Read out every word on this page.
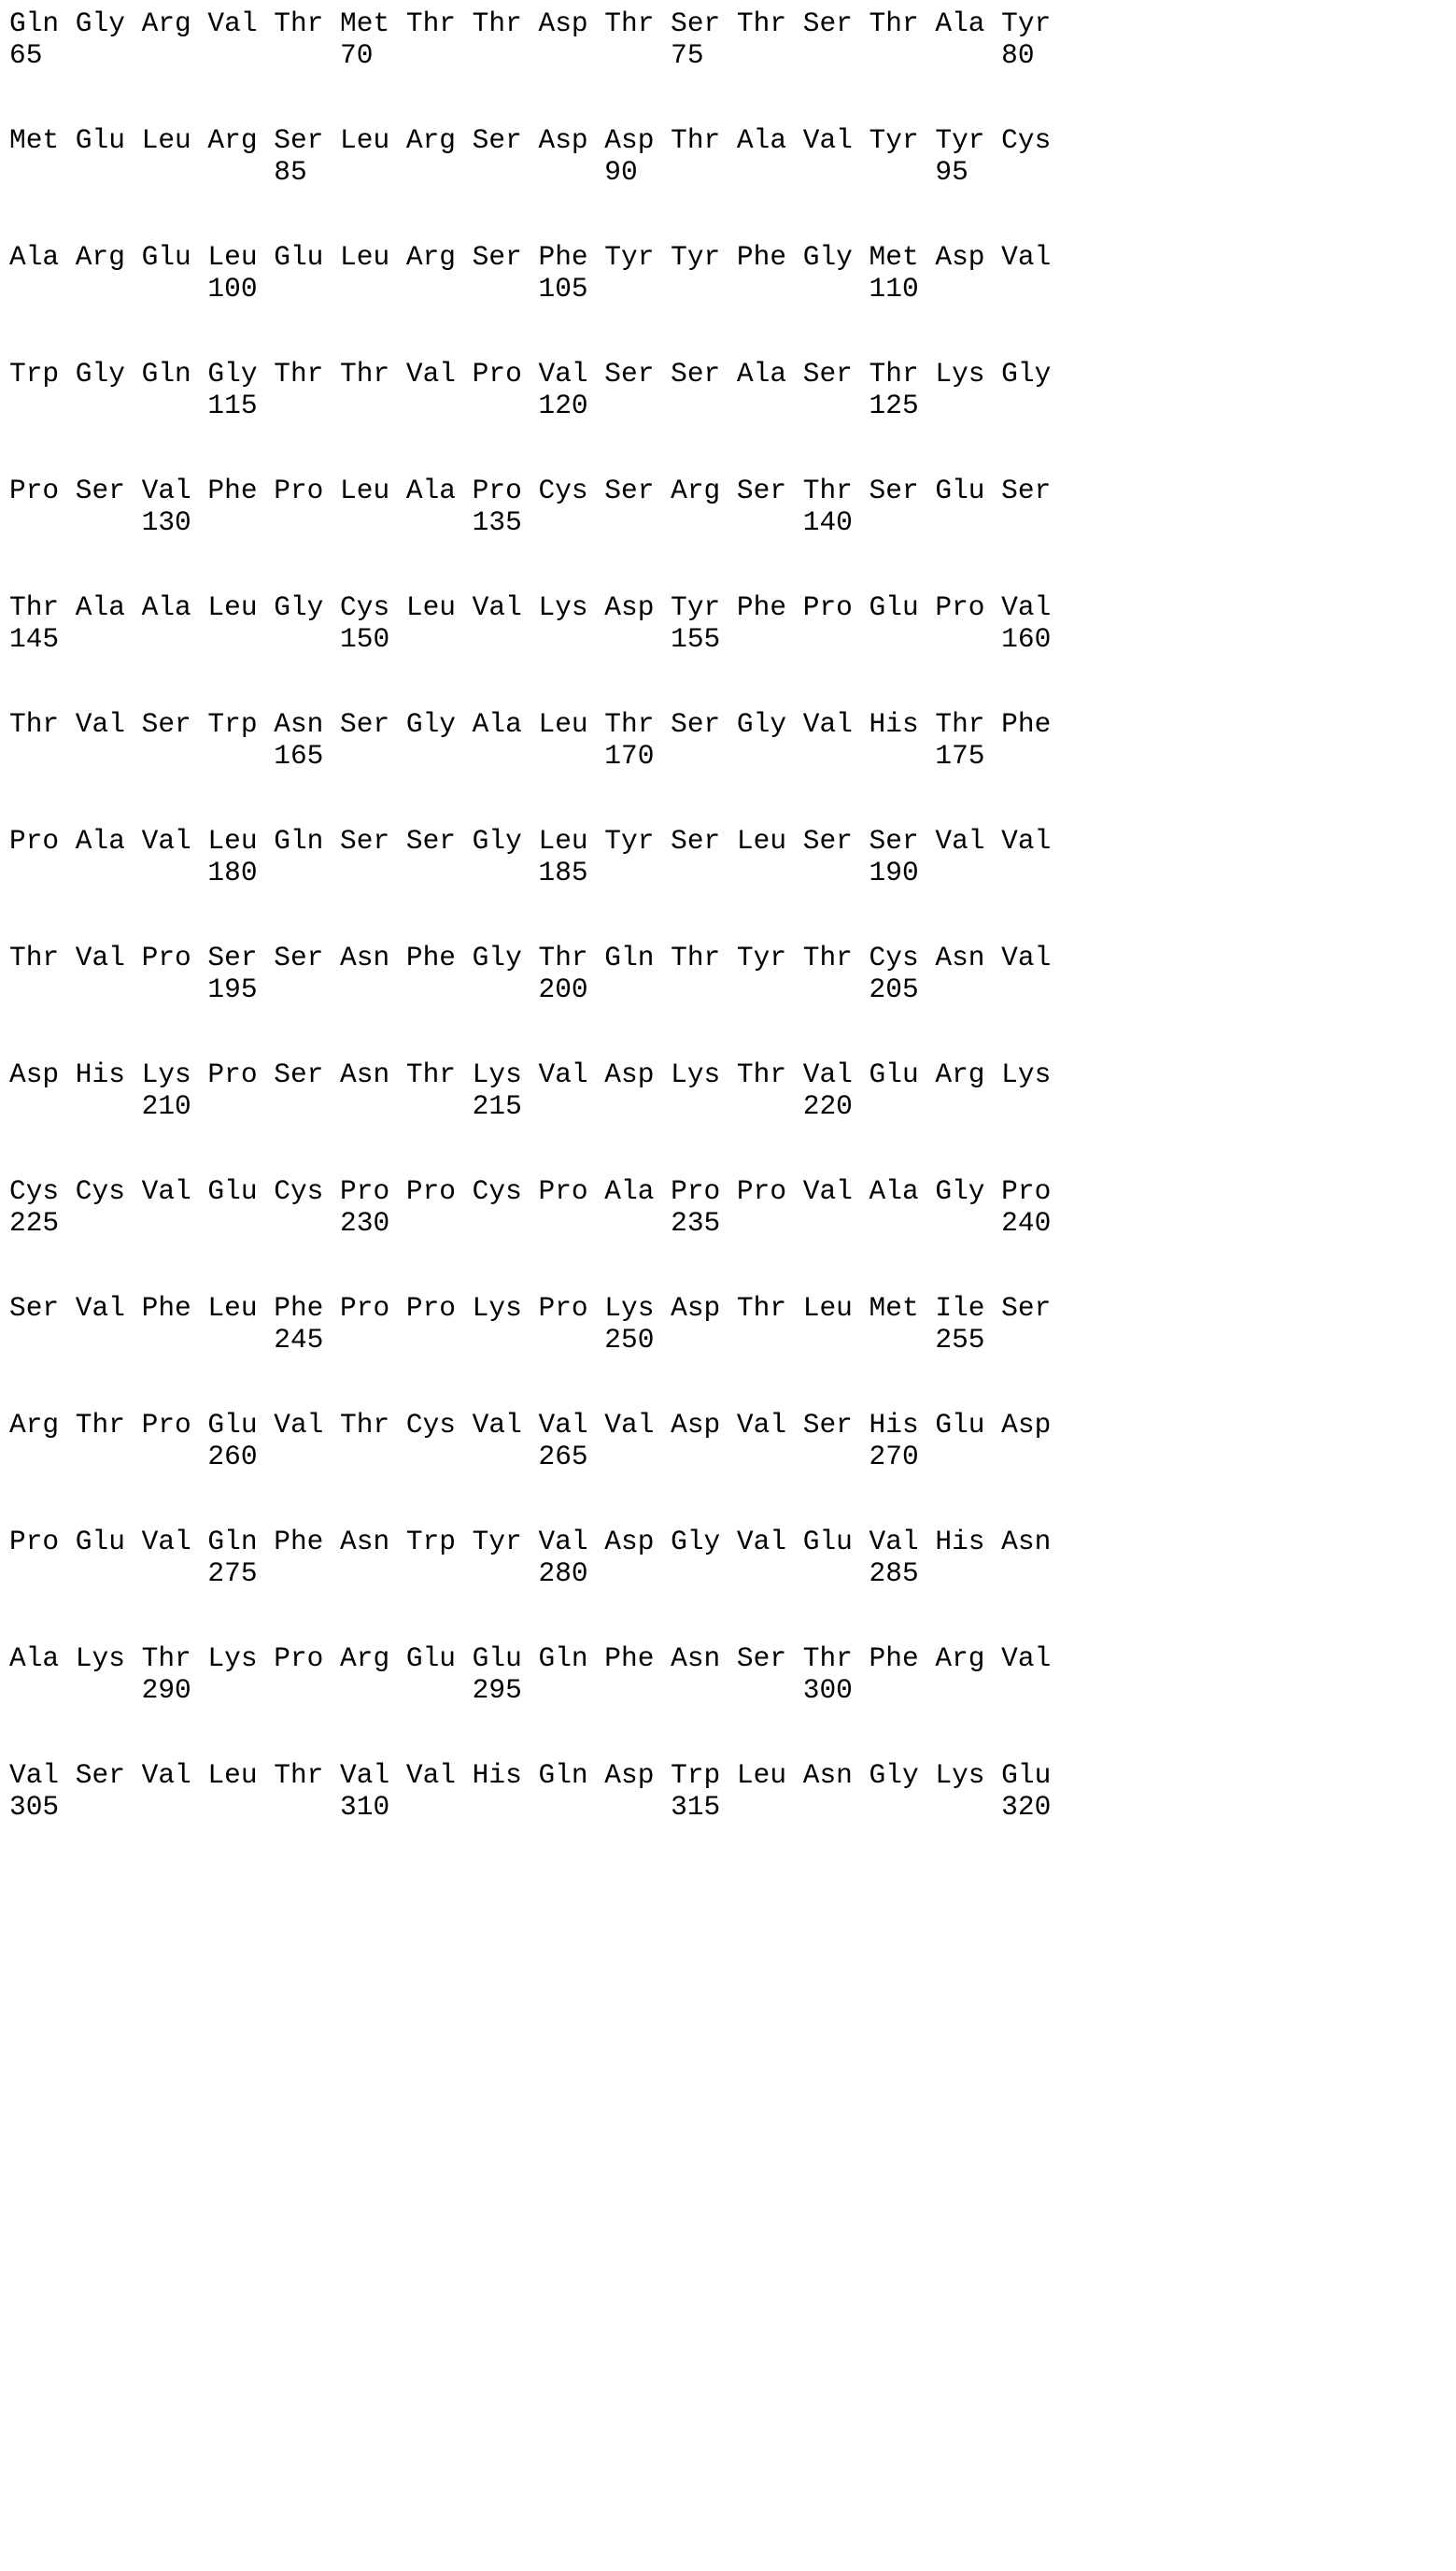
Gln Gly Arg Val Thr Met Thr Thr Asp Thr Ser Thr Ser Thr Ala Tyr
65                  70                  75                  80
Met Glu Leu Arg Ser Leu Arg Ser Asp Asp Thr Ala Val Tyr Tyr Cys
85                  90                  95
Ala Arg Glu Leu Glu Leu Arg Ser Phe Tyr Tyr Phe Gly Met Asp Val
100                 105                 110
Trp Gly Gln Gly Thr Thr Val Pro Val Ser Ser Ala Ser Thr Lys Gly
115                 120                 125
Pro Ser Val Phe Pro Leu Ala Pro Cys Ser Arg Ser Thr Ser Glu Ser
130                 135                 140
Thr Ala Ala Leu Gly Cys Leu Val Lys Asp Tyr Phe Pro Glu Pro Val
145                 150                 155                 160
Thr Val Ser Trp Asn Ser Gly Ala Leu Thr Ser Gly Val His Thr Phe
165                 170                 175
Pro Ala Val Leu Gln Ser Ser Gly Leu Tyr Ser Leu Ser Ser Val Val
180                 185                 190
Thr Val Pro Ser Ser Asn Phe Gly Thr Gln Thr Tyr Thr Cys Asn Val
195                 200                 205
Asp His Lys Pro Ser Asn Thr Lys Val Asp Lys Thr Val Glu Arg Lys
210                 215                 220
Cys Cys Val Glu Cys Pro Pro Cys Pro Ala Pro Pro Val Ala Gly Pro
225                 230                 235                 240
Ser Val Phe Leu Phe Pro Pro Lys Pro Lys Asp Thr Leu Met Ile Ser
245                 250                 255
Arg Thr Pro Glu Val Thr Cys Val Val Val Asp Val Ser His Glu Asp
260                 265                 270
Pro Glu Val Gln Phe Asn Trp Tyr Val Asp Gly Val Glu Val His Asn
275                 280                 285
Ala Lys Thr Lys Pro Arg Glu Glu Gln Phe Asn Ser Thr Phe Arg Val
290                 295                 300
Val Ser Val Leu Thr Val Val His Gln Asp Trp Leu Asn Gly Lys Glu
305                 310                 315                 320
